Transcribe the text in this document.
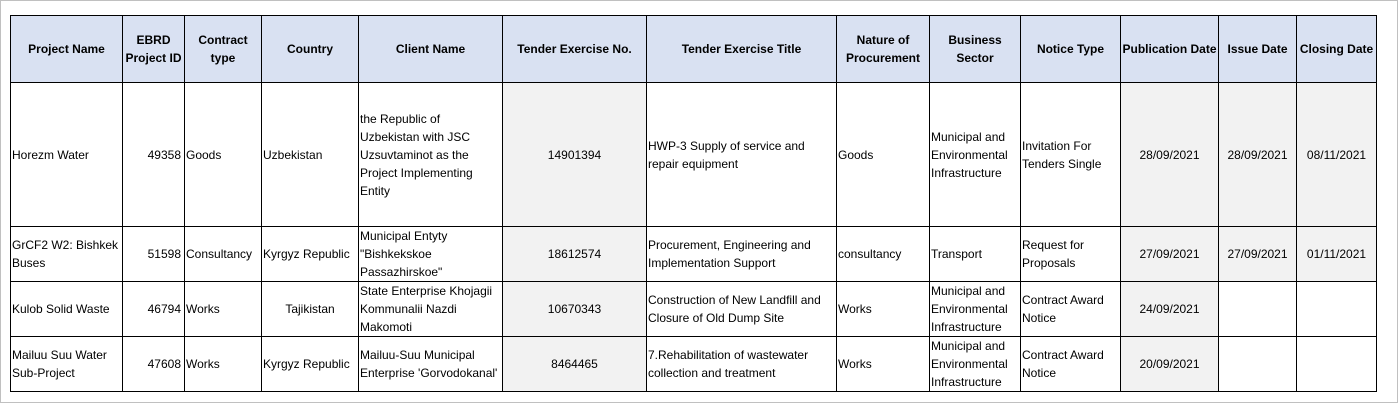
Project Name	EBRD Project ID	Contract type	Country	Client Name	Tender Exercise No.	Tender Exercise Title	Nature of Procurement	Business Sector	Notice Type	Publication Date	Issue Date	Closing Date
Horezm Water	49358	Goods	Uzbekistan	the Republic of Uzbekistan with JSC Uzsuvtaminot as the Project Implementing Entity	14901394	HWP-3 Supply of service and repair equipment	Goods	Municipal and Environmental Infrastructure	Invitation For Tenders Single	28/09/2021	28/09/2021	08/11/2021
GrCF2 W2: Bishkek Buses	51598	Consultancy	Kyrgyz Republic	Municipal Entyty "Bishkekskoe Passazhirskoe"	18612574	Procurement, Engineering and Implementation Support	consultancy	Transport	Request for Proposals	27/09/2021	27/09/2021	01/11/2021
Kulob Solid Waste	46794	Works	Tajikistan	State Enterprise Khojagii Kommunalii Nazdi Makomoti	10670343	Construction of New Landfill and Closure of Old Dump Site	Works	Municipal and Environmental Infrastructure	Contract Award Notice	24/09/2021		
Mailuu Suu Water Sub-Project	47608	Works	Kyrgyz Republic	Mailuu-Suu Municipal Enterprise 'Gorvodokanal'	8464465	7.Rehabilitation of wastewater collection and treatment	Works	Municipal and Environmental Infrastructure	Contract Award Notice	20/09/2021		
